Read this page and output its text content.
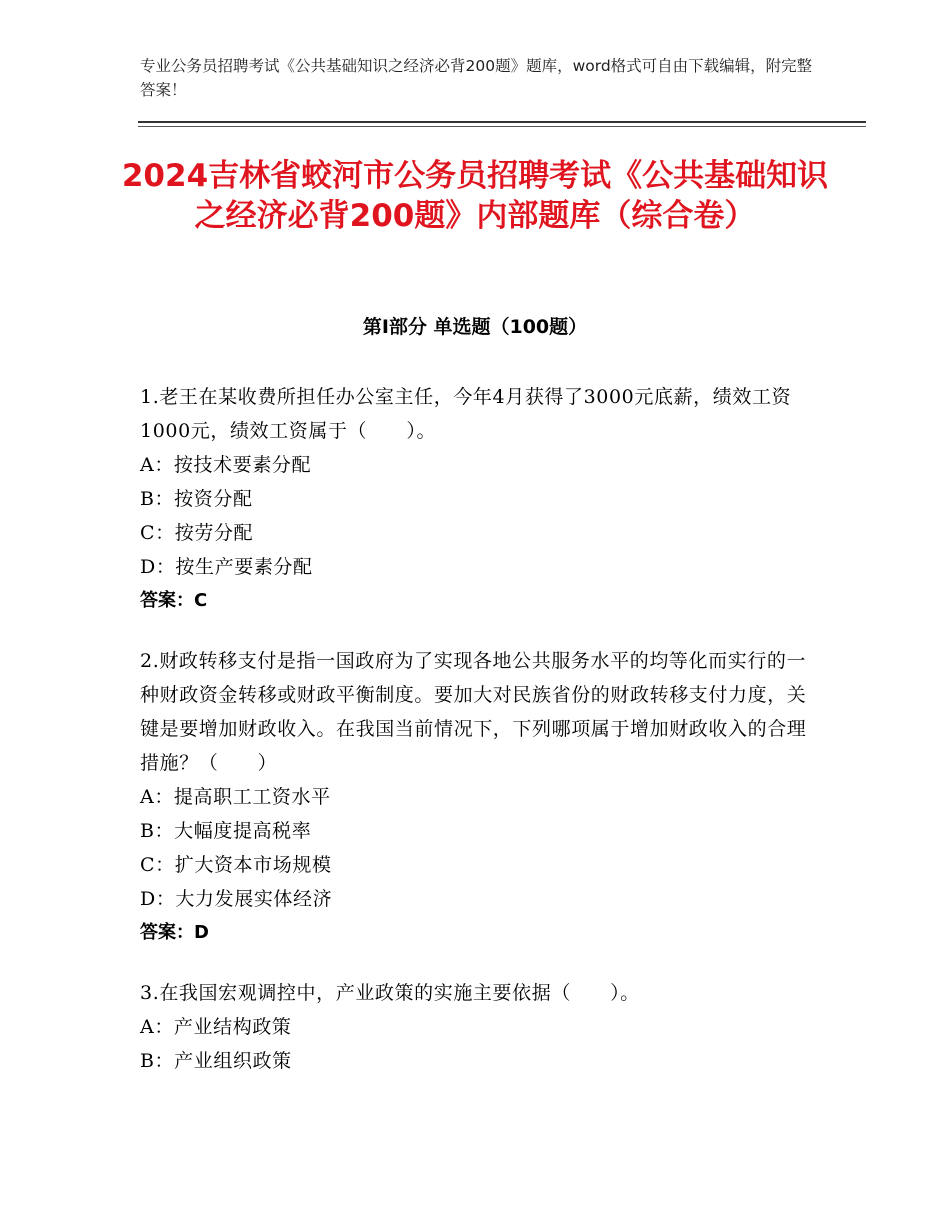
专业公务员招聘考试《公共基础知识之经济必背200题》题库，word格式可自由下载编辑，附完整答案！
2024吉林省蛟河市公务员招聘考试《公共基础知识之经济必背200题》内部题库（综合卷）
第Ⅰ部分 单选题（100题）
1.老王在某收费所担任办公室主任，今年4月获得了3000元底薪，绩效工资1000元，绩效工资属于（　　）。
A：按技术要素分配
B：按资分配
C：按劳分配
D：按生产要素分配
答案：C
2.财政转移支付是指一国政府为了实现各地公共服务水平的均等化而实行的一种财政资金转移或财政平衡制度。要加大对民族省份的财政转移支付力度，关键是要增加财政收入。在我国当前情况下，下列哪项属于增加财政收入的合理措施？（　　）
A：提高职工工资水平
B：大幅度提高税率
C：扩大资本市场规模
D：大力发展实体经济
答案：D
3.在我国宏观调控中，产业政策的实施主要依据（　　）。
A：产业结构政策
B：产业组织政策
